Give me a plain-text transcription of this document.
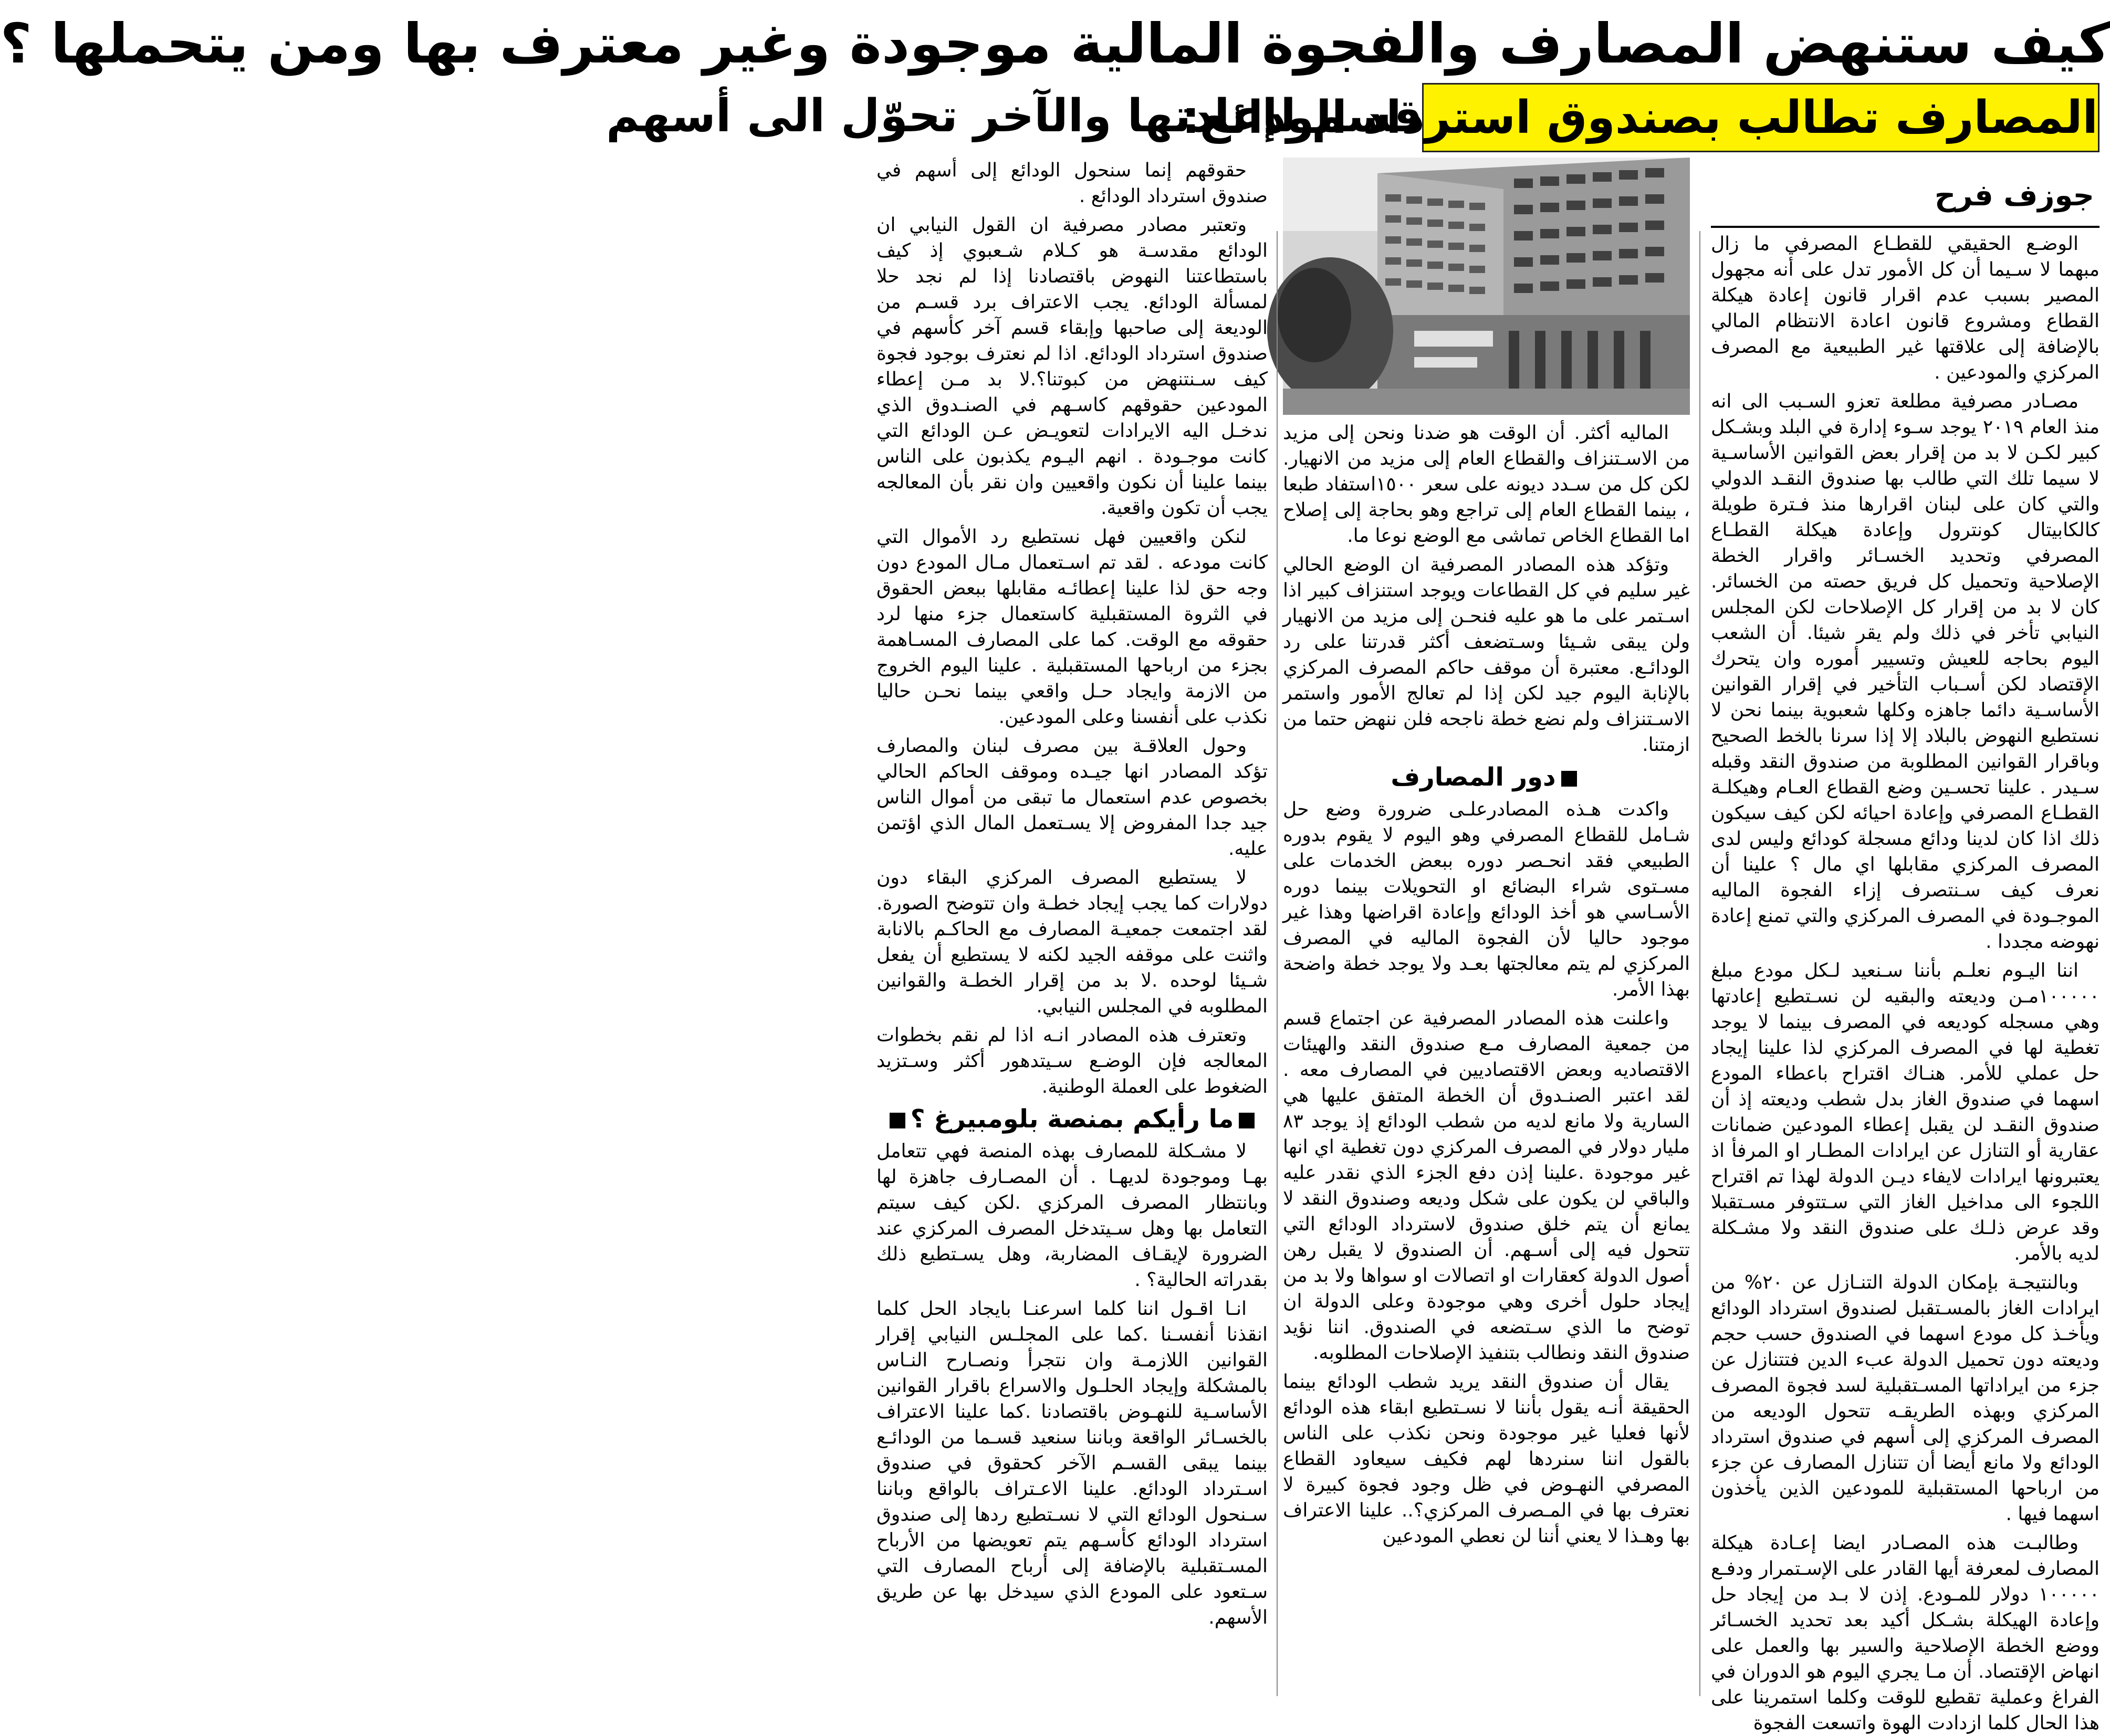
كيف ستنهض المصارف والفجوة المالية موجودة وغير معترف بها ومن يتحملها ؟
المصارف تطالب بصندوق استرداد الودائع:
قسم لإعادتها والآخر تحوّل الى أسهم
جوزف فرح

الوضـع الحقيقي للقطـاع المصرفي ما زال مبهما لا سـيما أن كل الأمور تدل على أنه مجهول المصير بسبب عدم اقرار قانون إعادة هيكلة القطاع ومشروع قانون اعادة الانتظام المالي بالإضافة إلى علاقتها غير الطبيعية مع المصرف المركزي والمودعين .

مصـادر مصرفية مطلعة تعزو السـبب الى انه منذ العام ٢٠١٩ يوجد سـوء إدارة في البلد وبشـكل كبير لكـن لا بد من إقرار بعض القوانين الأساسـية لا سيما تلك التي طالب بها صندوق النقـد الدولي والتي كان على لبنان اقرارها منذ فـترة طويلة كالكابيتال كونترول وإعادة هيكلة القطـاع المصرفي وتحديد الخسـائر واقرار الخطة الإصلاحية وتحميل كل فريق حصته من الخسائر. كان لا بد من إقرار كل الإصلاحات لكن المجلس النيابي تأخر في ذلك ولم يقر شيئا. أن الشعب اليوم بحاجه للعيش وتسيير أموره وان يتحرك الإقتصاد لكن أسـباب التأخير في إقرار القوانين الأساسـية دائما جاهزه وكلها شعبوية بينما نحن لا نستطيع النهوض بالبلاد إلا إذا سرنا بالخط الصحيح وباقرار القوانين المطلوبة من صندوق النقد وقبله سـيدر . علينا تحسـين وضع القطاع العـام وهيكلـة القطـاع المصرفي وإعادة احيائه لكن كيف سيكون ذلك اذا كان لدينا ودائع مسجلة كودائع وليس لدى المصرف المركزي مقابلها اي مال ؟ علينا أن نعرف كيف سـنتصرف إزاء الفجوة الماليه الموجـودة في المصرف المركزي والتي تمنع إعادة نهوضه مجددا .

اننا اليـوم نعلـم بأننا سـنعيد لـكل مودع مبلغ ١٠٠٠٠٠مـن وديعته والبقيه لن نسـتطيع إعادتها وهي مسجله كوديعه في المصرف بينما لا يوجد تغطية لها في المصرف المركزي لذا علينا إيجاد حل عملي للأمر. هنـاك اقتراح باعطاء المودع اسهما في صندوق الغاز بدل شطب وديعته إذ أن صندوق النقـد لن يقبل إعطاء المودعين ضمانات عقارية أو التنازل عن ايرادات المطـار او المرفأ اذ يعتبرونها ايرادات لايفاء ديـن الدولة لهذا تم اقتراح اللجوء الى مداخيل الغاز التي سـتتوفر مسـتقبلا وقد عرض ذلـك على صندوق النقد ولا مشـكلة لديه بالأمر.

وبالنتيجـة بإمكان الدولة التنـازل عن ٢٠% من ايرادات الغاز بالمسـتقبل لصندوق استرداد الودائع ويأخـذ كل مودع اسهما في الصندوق حسب حجم وديعته دون تحميل الدولة عبء الدين فتتنازل عن جزء من ايراداتها المسـتقبلية لسد فجوة المصرف المركزي وبهذه الطريقـه تتحول الوديعه من المصرف المركزي إلى أسهم في صندوق استرداد الودائع ولا مانع أيضا أن تتنازل المصارف عن جزء من ارباحها المستقبلية للمودعين الذين يأخذون اسهما فيها .

وطالبـت هذه المصـادر ايضا إعـادة هيكلة المصارف لمعرفة أيها القادر على الإسـتمرار ودفـع ١٠٠٠٠٠ دولار للمـودع. إذن لا بـد من إيجاد حل وإعادة الهيكلة بشـكل أكيد بعد تحديد الخسـائر ووضع الخطة الإصلاحية والسير بها والعمل على انهاض الإقتصاد. أن مـا يجري اليوم هو الدوران في الفراغ وعملية تقطيع للوقت وكلما استمرينا على هذا الحال كلما ازدادت الهوة واتسعت الفجوة

الماليه أكثر. أن الوقت هو ضدنا ونحن إلى مزيد من الاسـتنزاف والقطاع العام إلى مزيد من الانهيار. لكن كل من سـدد ديونه على سعر ١٥٠٠استفاد طبعا ، بينما القطاع العام إلى تراجع وهو بحاجة إلى إصلاح اما القطاع الخاص تماشى مع الوضع نوعا ما.

وتؤكد هذه المصادر المصرفية ان الوضع الحالي غير سليم في كل القطاعات ويوجد استنزاف كبير اذا اسـتمر على ما هو عليه فنحـن إلى مزيد من الانهيار ولن يبقى شـيئا وسـتضعف أكثر قدرتنا على رد الودائـع. معتبرة أن موقف حاكم المصرف المركزي بالإنابة اليوم جيد لكن إذا لم تعالج الأمور واستمر الاسـتنزاف ولم نضع خطة ناجحه فلن ننهض حتما من ازمتنا.

دور المصارف

واكدت هـذه المصادرعلـى ضرورة وضع حل شـامل للقطاع المصرفي وهو اليوم لا يقوم بدوره الطبيعي فقد انحـصر دوره ببعض الخدمات على مسـتوى شراء البضائع او التحويلات بينما دوره الأسـاسي هو أخذ الودائع وإعادة اقراضها وهذا غير موجود حاليا لأن الفجوة الماليه في المصرف المركزي لم يتم معالجتها بعـد ولا يوجد خطة واضحة بهذا الأمر.

واعلنت هذه المصادر المصرفية عن اجتماع قسم من جمعية المصارف مـع صندوق النقد والهيئات الاقتصاديه وبعض الاقتصاديين في المصارف معه . لقد اعتبر الصنـدوق أن الخطة المتفق عليها هي السارية ولا مانع لديه من شطب الودائع إذ يوجد ٨٣ مليار دولار في المصرف المركزي دون تغطية اي انها غير موجودة .علينا إذن دفع الجزء الذي نقدر عليه والباقي لن يكون على شكل وديعه وصندوق النقد لا يمانع أن يتم خلق صندوق لاسترداد الودائع التي تتحول فيه إلى أسـهم. أن الصندوق لا يقبل رهن أصول الدولة كعقارات او اتصالات او سواها ولا بد من إيجاد حلول أخرى وهي موجودة وعلى الدولة ان توضح ما الذي سـتضعه في الصندوق. اننا نؤيد صندوق النقد ونطالب بتنفيذ الإصلاحات المطلوبه.

يقال أن صندوق النقد يريد شطب الودائع بينما الحقيقة أنـه يقول بأننا لا نسـتطيع ابقاء هذه الودائع لأنها فعليا غير موجودة ونحن نكذب على الناس بالقول اننا سنردها لهم فكيف سيعاود القطاع المصرفي النهـوض في ظل وجود فجوة كبيرة لا نعترف بها في المـصرف المركزي؟.. علينا الاعتراف بها وهـذا لا يعني أننا لن نعطي المودعين

حقوقهم إنما سنحول الودائع إلى أسهم في صندوق استرداد الودائع .

وتعتبر مصادر مصرفية ان القول النيابي ان الودائع مقدسـة هو كـلام شـعبوي إذ كيف باستطاعتنا النهوض باقتصادنا إذا لم نجد حلا لمسألة الودائع. يجب الاعتراف برد قسـم من الوديعة إلى صاحبها وإبقاء قسم آخر كأسهم في صندوق استرداد الودائع. اذا لم نعترف بوجود فجوة كيف سـنتنهض من كبوتنا؟.لا بد مـن إعطاء المودعين حقوقهم كاسـهم في الصنـدوق الذي ندخـل اليه الايرادات لتعويـض عـن الودائع التي كانت موجـودة . انهم اليـوم يكذبون على الناس بينما علينا أن نكون واقعيين وان نقر بأن المعالجه يجب أن تكون واقعية.

لنكن واقعيين فهل نستطيع رد الأموال التي كانت مودعه . لقد تم اسـتعمال مـال المودع دون وجه حق لذا علينا إعطائـه مقابلها ببعض الحقوق في الثروة المستقبلية كاستعمال جزء منها لرد حقوقه مع الوقت. كما على المصارف المسـاهمة بجزء من ارباحها المستقبلية . علينا اليوم الخروج من الازمة وايجاد حـل واقعي بينما نحـن حاليا نكذب على أنفسنا وعلى المودعين.

وحول العلاقـة بين مصرف لبنان والمصارف تؤكد المصادر انها جيـده وموقف الحاكم الحالي بخصوص عدم استعمال ما تبقى من أموال الناس جيد جدا المفروض إلا يسـتعمل المال الذي اؤتمن عليه.

لا يستطيع المصرف المركزي البقاء دون دولارات كما يجب إيجاد خطـة وان تتوضح الصورة. لقد اجتمعت جمعيـة المصارف مع الحاكـم بالانابة واثنت على موقفه الجيد لكنه لا يستطيع أن يفعل شـيئا لوحده .لا بد من إقرار الخطـة والقوانين المطلوبه في المجلس النيابي.

وتعترف هذه المصادر انـه اذا لم نقم بخطوات المعالجه فإن الوضـع سـيتدهور أكثر وسـتزيد الضغوط على العملة الوطنية.

ما رأيكم بمنصة بلومبيرغ ؟

لا مشـكلة للمصارف بهذه المنصة فهي تتعامل بهـا وموجودة لديهـا . أن المصـارف جاهزة لها وبانتظار المصرف المركزي .لكن كيف سيتم التعامل بها وهل سـيتدخل المصرف المركزي عند الضرورة لإيقـاف المضاربة، وهل يسـتطيع ذلك بقدراته الحالية؟ .

انـا اقـول اننا كلما اسرعنـا بايجاد الحل كلما انقذنا أنفسـنا .كما على المجلـس النيابي إقرار القوانين اللازمـة وان نتجرأ ونصـارح النـاس بالمشكلة وإيجاد الحلـول والاسراع باقرار القوانين الأساسـية للنهـوض باقتصادنا .كما علينا الاعتراف بالخسـائر الواقعة وباننا سنعيد قسـما من الودائـع بينما يبقى القسـم الآخر كحقوق في صندوق اسـترداد الودائع. علينا الاعـتراف بالواقع وباننا سـنحول الودائع التي لا نسـتطيع ردها إلى صندوق استرداد الودائع كأسـهم يتم تعويضها من الأرباح المسـتقبلية بالإضافة إلى أرباح المصارف التي سـتعود على المودع الذي سيدخل بها عن طريق الأسهم.
